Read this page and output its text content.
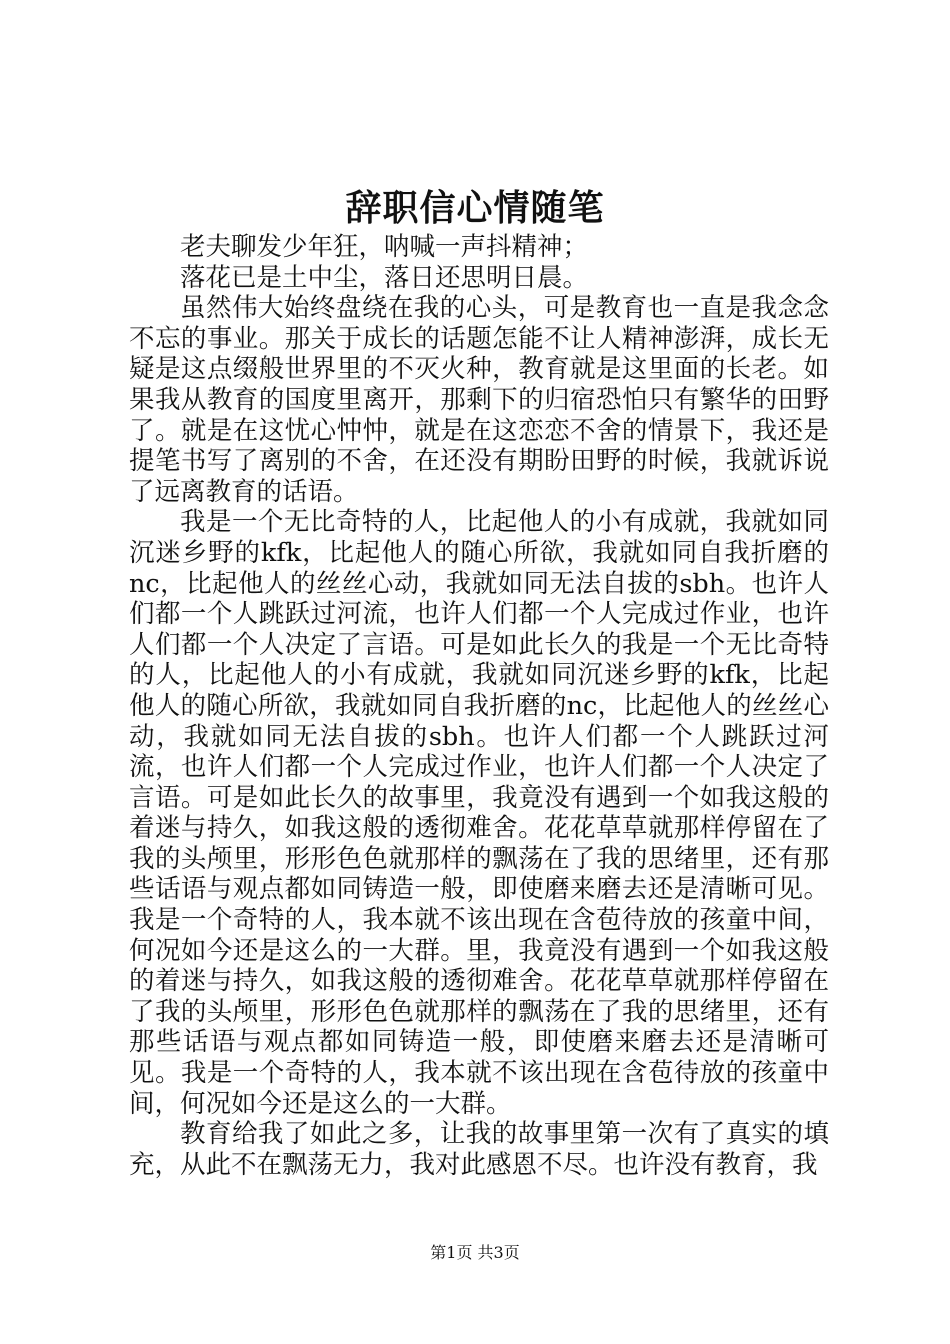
辞职信心情随笔

老夫聊发少年狂，呐喊一声抖精神；

落花已是土中尘，落日还思明日晨。

虽然伟大始终盘绕在我的心头，可是教育也一直是我念念不忘的事业。那关于成长的话题怎能不让人精神澎湃，成长无疑是这点缀般世界里的不灭火种，教育就是这里面的长老。如果我从教育的国度里离开，那剩下的归宿恐怕只有繁华的田野了。就是在这忧心忡忡，就是在这恋恋不舍的情景下，我还是提笔书写了离别的不舍，在还没有期盼田野的时候，我就诉说了远离教育的话语。

我是一个无比奇特的人，比起他人的小有成就，我就如同沉迷乡野的kfk，比起他人的随心所欲，我就如同自我折磨的nc，比起他人的丝丝心动，我就如同无法自拔的sbh。也许人们都一个人跳跃过河流，也许人们都一个人完成过作业，也许人们都一个人决定了言语。可是如此长久的我是一个无比奇特的人，比起他人的小有成就，我就如同沉迷乡野的kfk，比起他人的随心所欲，我就如同自我折磨的nc，比起他人的丝丝心动，我就如同无法自拔的sbh。也许人们都一个人跳跃过河流，也许人们都一个人完成过作业，也许人们都一个人决定了言语。可是如此长久的故事里，我竟没有遇到一个如我这般的着迷与持久，如我这般的透彻难舍。花花草草就那样停留在了我的头颅里，形形色色就那样的飘荡在了我的思绪里，还有那些话语与观点都如同铸造一般，即使磨来磨去还是清晰可见。我是一个奇特的人，我本就不该出现在含苞待放的孩童中间，何况如今还是这么的一大群。里，我竟没有遇到一个如我这般的着迷与持久，如我这般的透彻难舍。花花草草就那样停留在了我的头颅里，形形色色就那样的飘荡在了我的思绪里，还有那些话语与观点都如同铸造一般，即使磨来磨去还是清晰可见。我是一个奇特的人，我本就不该出现在含苞待放的孩童中间，何况如今还是这么的一大群。

教育给我了如此之多，让我的故事里第一次有了真实的填充，从此不在飘荡无力，我对此感恩不尽。也许没有教育，我

第1页 共3页
